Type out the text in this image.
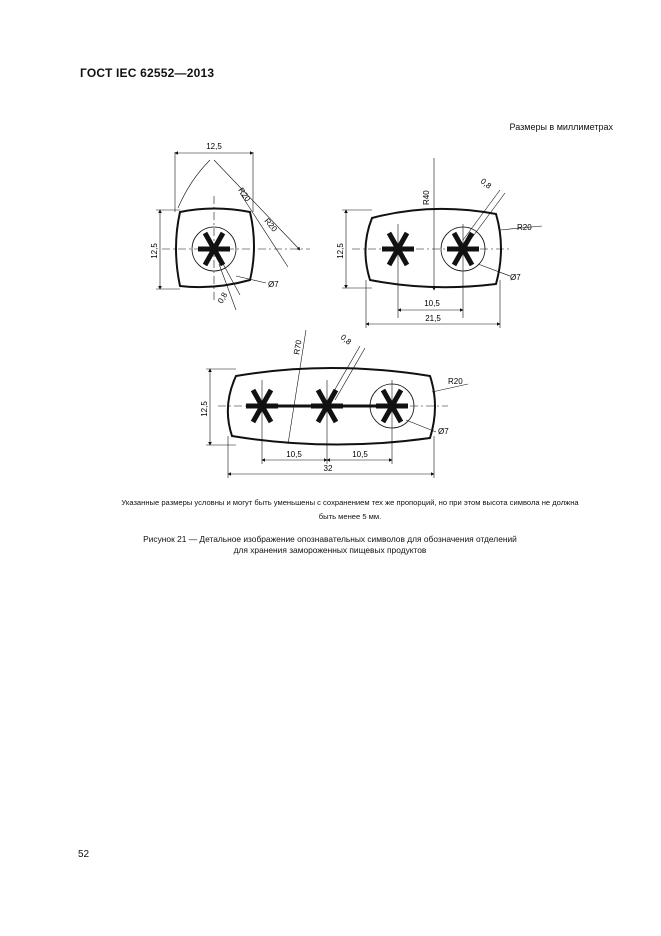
ГОСТ IEC 62552—2013
Размеры в миллиметрах
12,5
12,5
R20
R20
0,8
Ø7
R40
12,5
0,8
R20
Ø7
10,5
21,5
R70	0,8
R20
Ø7
12,5
10,5	10,5
32
Указанные размеры условны и могут быть уменьшены с сохранением тех же пропорций, но при этом высота символа не должна
быть менее 5 мм.
Рисунок 21 — Детальное изображение опознавательных символов для обозначения отделений
для хранения замороженных пищевых продуктов
52
